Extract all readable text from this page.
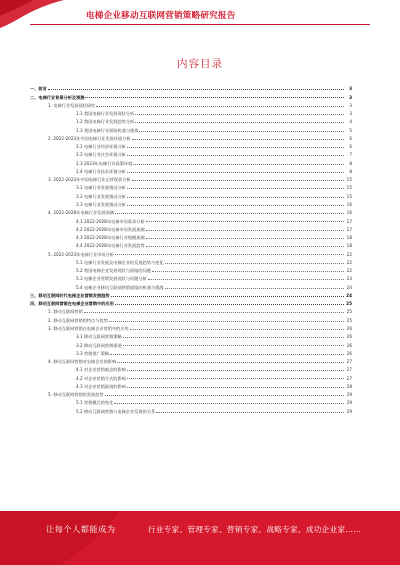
电梯企业移动互联网营销策略研究报告
内容目录
一、前言	3
二、电梯行业背景分析及预测	3
1. 电梯行业发展现状研究	3
1.1 我国电梯行业发展现状分析	3
1.2 我国电梯行业发展趋势分析	4
1.3 我国电梯行业面临机遇与挑战	5
2. 2022-2023年中国电梯行业发展环境分析	6
2.1 电梯行业经济环境分析	6
2.2 电梯行业社会环境分析	7
2.3 2023年电梯行业政策环境	8
2.4 电梯行业技术环境分析	8
3. 2022-2023年中国电梯行业运营现状分析	15
3.1 电梯行业发展情况分析	15
3.2 电梯行业发展情况分析	15
3.3 电梯行业发展情况分析	16
4. 2022-2028年电梯行业发展预测	16
4.1 2022-2028年电梯市场需求分析	17
4.2 2022-2028年电梯市场发展预测	17
4.3 2022-2028年电梯行业规模预测	18
4.4 2022-2028年电梯行业发展趋势	18
5. 2022-2023年电梯行业市场分析	22
5.1 电梯行业发展及电梯企业的发展趋势与变化	22
5.2 我国电梯企业发展现状与面临的问题	22
5.3 电梯企业营销发展现状与问题分析	23
5.4 电梯企业移动互联网营销面临的机遇与挑战	24
三、移动互联网时代电梯企业营销发展趋势	24
四、移动互联网营销在电梯企业营销中的应用	25
1. 移动互联网营销	25
2. 移动互联网营销的特点与优势	25
3. 移动互联网营销在电梯企业营销中的应用	26
3.1 移动互联网营销策略	26
3.2 移动互联网营销渠道	26
3.3 营销推广策略	26
4. 移动互联网营销对电梯企业的影响	27
4.1 对企业营销观念的影响	27
4.2 对企业营销方式的影响	27
4.3 对企业营销渠道的影响	28
5. 移动互联网营销的发展趋势	29
5.1 营销模式的变化	29
5.2 移动互联网营销与电梯企业发展的关系	29
让每个人都能成为	行业专家、管理专家、营销专家、战略专家、成功企业家……
